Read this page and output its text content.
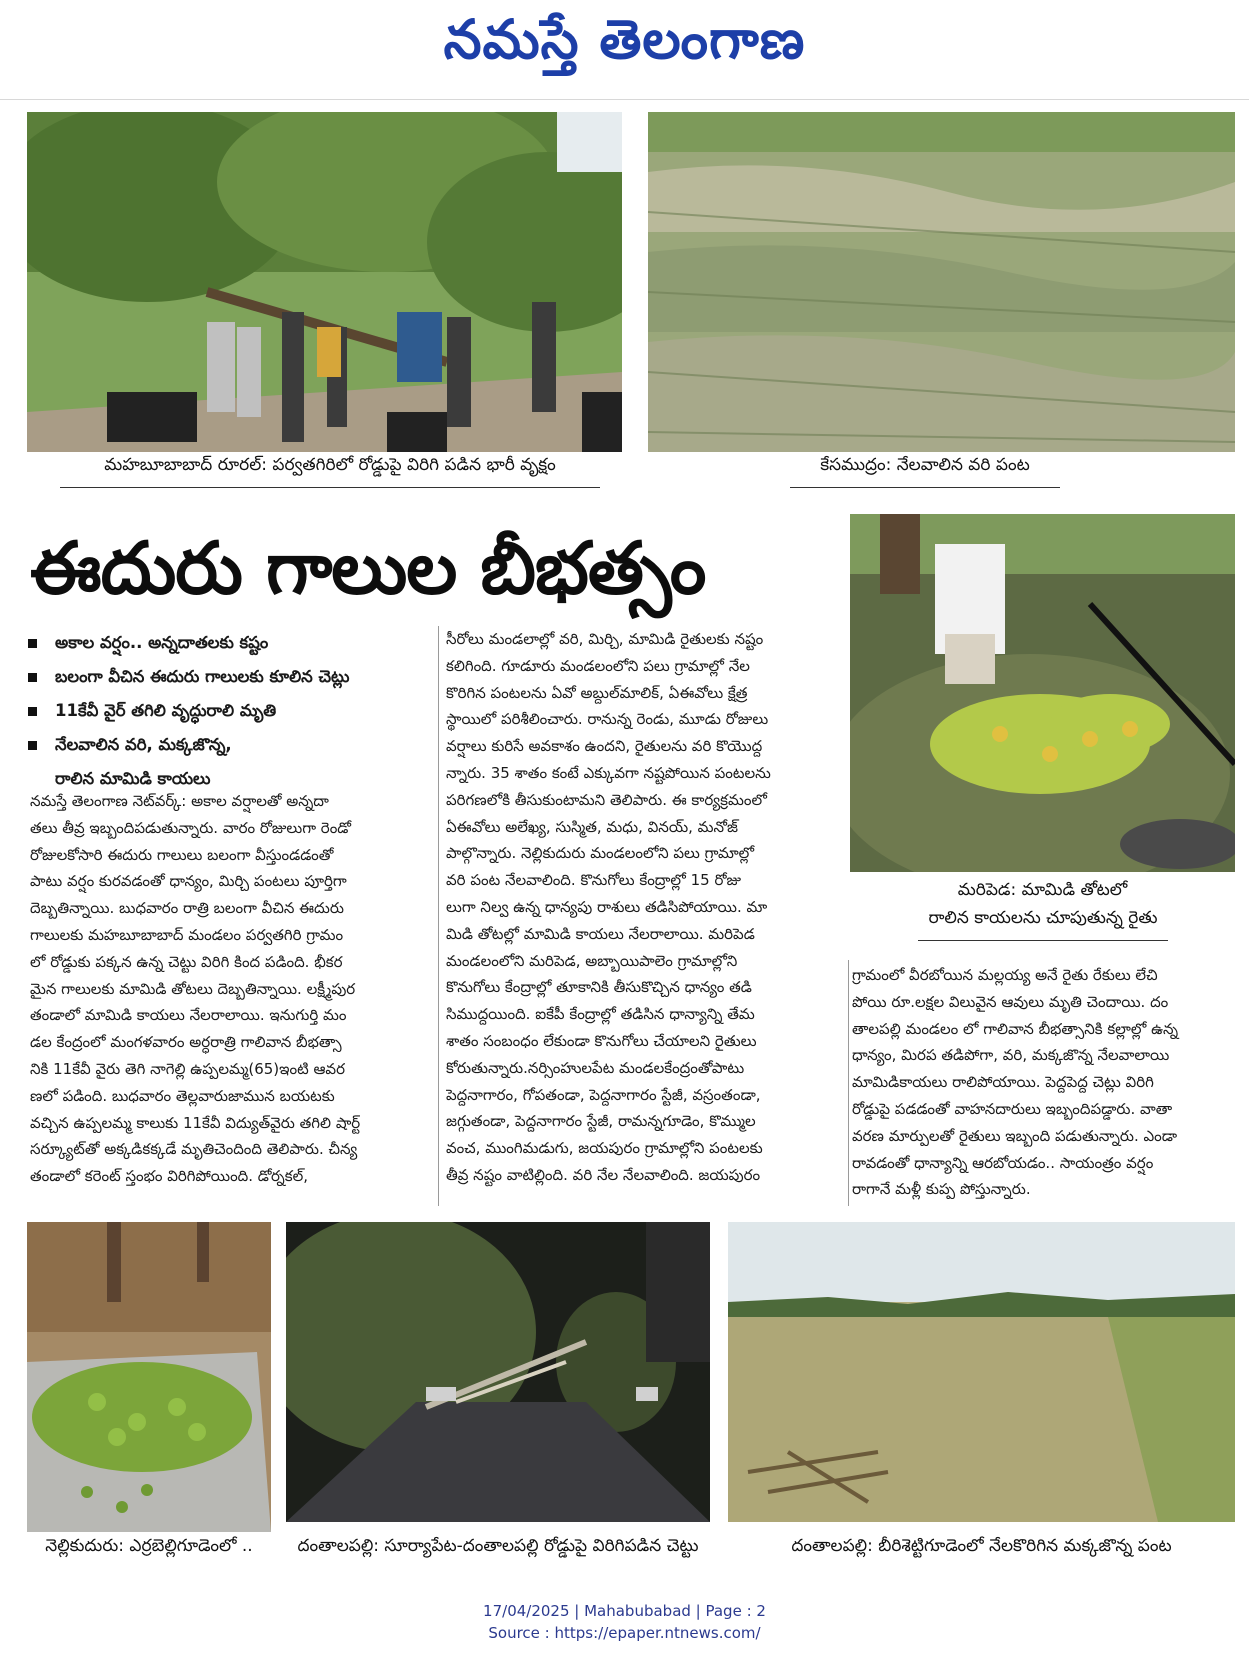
నమస్తే తెలంగాణ
మహబూబాబాద్ రూరల్: పర్వతగిరిలో రోడ్డుపై విరిగి పడిన భారీ వృక్షం	కేసముద్రం: నేలవాలిన వరి పంట
ఈదురు గాలుల బీభత్సం
మరిపెడ: మామిడి తోటలో
రాలిన కాయలను చూపుతున్న రైతు
అకాల వర్షం.. అన్నదాతలకు కష్టం
బలంగా వీచిన ఈదురు గాలులకు కూలిన చెట్లు
11కేవీ వైర్ తగిలి వృద్ధురాలి మృతి
నేలవాలిన వరి, మక్కజొన్న,
రాలిన మామిడి కాయలు

నమస్తే తెలంగాణ నెట్‌వర్క్: అకాల వర్షాలతో అన్నదా

తలు తీవ్ర ఇబ్బందిపడుతున్నారు. వారం రోజులుగా రెండో

రోజులకోసారి ఈదురు గాలులు బలంగా వీస్తుండడంతో

పాటు వర్షం కురవడంతో ధాన్యం, మిర్చి పంటలు పూర్తిగా

దెబ్బతిన్నాయి. బుధవారం రాత్రి బలంగా వీచిన ఈదురు

గాలులకు మహబూబాబాద్ మండలం పర్వతగిరి గ్రామం

లో రోడ్డుకు పక్కన ఉన్న చెట్టు విరిగి కింద పడింది. భీకర

మైన గాలులకు మామిడి తోటలు దెబ్బతిన్నాయి. లక్ష్మీపుర

తండాలో మామిడి కాయలు నేలరాలాయి. ఇనుగుర్తి మం

డల కేంద్రంలో మంగళవారం అర్ధరాత్రి గాలివాన బీభత్సా

నికి 11కేవీ వైరు తెగి నాగెల్లి ఉప్పలమ్మ(65)ఇంటి ఆవర

ణలో పడింది. బుధవారం తెల్లవారుజామున బయటకు

వచ్చిన ఉప్పలమ్మ కాలుకు 11కేవీ విద్యుత్‌వైరు తగిలి షార్ట్

సర్క్యూట్‌తో అక్కడికక్కడే మృతిచెందింది తెలిపారు. చీన్య

తండాలో కరెంట్ స్తంభం విరిగిపోయింది. డోర్నకల్,

సీరోలు మండలాల్లో వరి, మిర్చి, మామిడి రైతులకు నష్టం

కలిగింది. గూడూరు మండలంలోని పలు గ్రామాల్లో నేల

కొరిగిన పంటలను ఏవో అబ్దుల్‌మాలిక్, ఏఈవోలు క్షేత్ర

స్థాయిలో పరిశీలించారు. రానున్న రెండు, మూడు రోజులు

వర్షాలు కురిసే అవకాశం ఉందని, రైతులను వరి కొయొద్ద

న్నారు. 35 శాతం కంటే ఎక్కువగా నష్టపోయిన పంటలను

పరిగణలోకి తీసుకుంటామని తెలిపారు. ఈ కార్యక్రమంలో

ఏఈవోలు అలేఖ్య, సుస్మిత, మధు, వినయ్, మనోజ్

పాల్గొన్నారు. నెల్లికుదురు మండలంలోని పలు గ్రామాల్లో

వరి పంట నేలవాలింది. కొనుగోలు కేంద్రాల్లో 15 రోజు

లుగా నిల్వ ఉన్న ధాన్యపు రాశులు తడిసిపోయాయి. మా

మిడి తోటల్లో మామిడి కాయలు నేలరాలాయి. మరిపెడ

మండలంలోని మరిపెడ, అబ్బాయిపాలెం గ్రామాల్లోని

కొనుగోలు కేంద్రాల్లో తూకానికి తీసుకొచ్చిన ధాన్యం తడి

సిముద్దయింది. ఐకేపీ కేంద్రాల్లో తడిసిన ధాన్యాన్ని తేమ

శాతం సంబంధం లేకుండా కొనుగోలు చేయాలని రైతులు

కోరుతున్నారు.నర్సింహులపేట మండలకేంద్రంతోపాటు

పెద్దనాగారం, గోపతండా, పెద్దనాగారం స్టేజీ, వస్రంతండా,

జగ్గుతండా, పెద్దనాగారం స్టేజీ, రామన్నగూడెం, కొమ్ముల

వంచ, ముంగిమడుగు, జయపురం గ్రామాల్లోని పంటలకు

తీవ్ర నష్టం వాటిల్లింది. వరి నేల నేలవాలింది. జయపురం

గ్రామంలో వీరబోయిన మల్లయ్య అనే రైతు రేకులు లేచి

పోయి రూ.లక్షల విలువైన ఆవులు మృతి చెందాయి. దం

తాలపల్లి మండలం లో గాలివాన బీభత్సానికి కల్లాల్లో ఉన్న

ధాన్యం, మిరప తడిపోగా, వరి, మక్కజొన్న నేలవాలాయి

మామిడికాయలు రాలిపోయాయి. పెద్దపెద్ద చెట్లు విరిగి

రోడ్డుపై పడడంతో వాహనదారులు ఇబ్బందిపడ్డారు. వాతా

వరణ మార్పులతో రైతులు ఇబ్బంది పడుతున్నారు. ఎండా

రావడంతో ధాన్యాన్ని ఆరబోయడం.. సాయంత్రం వర్షం

రాగానే మళ్లీ కుప్ప పోస్తున్నారు.

నెల్లికుదురు: ఎర్రబెల్లిగూడెంలో ..	దంతాలపల్లి: సూర్యాపేట-దంతాలపల్లి రోడ్డుపై విరిగిపడిన చెట్టు	దంతాలపల్లి: బీరిశెట్టిగూడెంలో నేలకొరిగిన మక్కజొన్న పంట
17/04/2025 | Mahabubabad | Page : 2
Source : https://epaper.ntnews.com/
